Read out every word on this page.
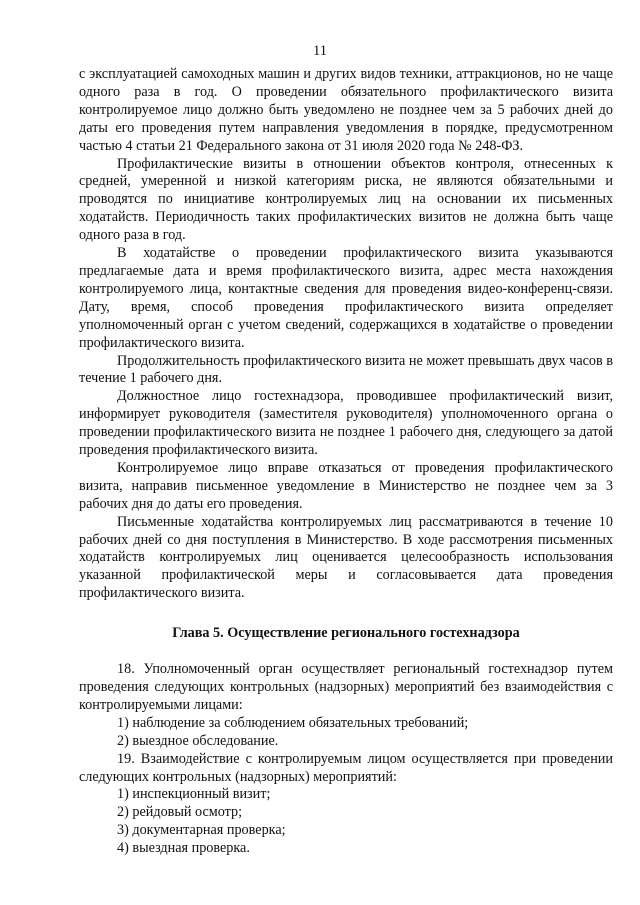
11

с эксплуатацией самоходных машин и других видов техники, аттракционов, но не чаще одного раза в год. О проведении обязательного профилактического визита контролируемое лицо должно быть уведомлено не позднее чем за 5 рабочих дней до даты его проведения путем направления уведомления в порядке, предусмотренном частью 4 статьи 21 Федерального закона от 31 июля 2020 года № 248-ФЗ.

Профилактические визиты в отношении объектов контроля, отнесенных к средней, умеренной и низкой категориям риска, не являются обязательными и проводятся по инициативе контролируемых лиц на основании их письменных ходатайств. Периодичность таких профилактических визитов не должна быть чаще одного раза в год.

В ходатайстве о проведении профилактического визита указываются предлагаемые дата и время профилактического визита, адрес места нахождения контролируемого лица, контактные сведения для проведения видео-конференц-связи. Дату, время, способ проведения профилактического визита определяет уполномоченный орган с учетом сведений, содержащихся в ходатайстве о проведении профилактического визита.

Продолжительность профилактического визита не может превышать двух часов в течение 1 рабочего дня.

Должностное лицо гостехнадзора, проводившее профилактический визит, информирует руководителя (заместителя руководителя) уполномоченного органа о проведении профилактического визита не позднее 1 рабочего дня, следующего за датой проведения профилактического визита.

Контролируемое лицо вправе отказаться от проведения профилактического визита, направив письменное уведомление в Министерство не позднее чем за 3 рабочих дня до даты его проведения.

Письменные ходатайства контролируемых лиц рассматриваются в течение 10 рабочих дней со дня поступления в Министерство. В ходе рассмотрения письменных ходатайств контролируемых лиц оценивается целесообразность использования указанной профилактической меры и согласовывается дата проведения профилактического визита.

Глава 5. Осуществление регионального гостехнадзора

18. Уполномоченный орган осуществляет региональный гостехнадзор путем проведения следующих контрольных (надзорных) мероприятий без взаимодействия с контролируемыми лицами:

1) наблюдение за соблюдением обязательных требований;

2) выездное обследование.

19. Взаимодействие с контролируемым лицом осуществляется при проведении следующих контрольных (надзорных) мероприятий:

1) инспекционный визит;

2) рейдовый осмотр;

3) документарная проверка;

4) выездная проверка.
